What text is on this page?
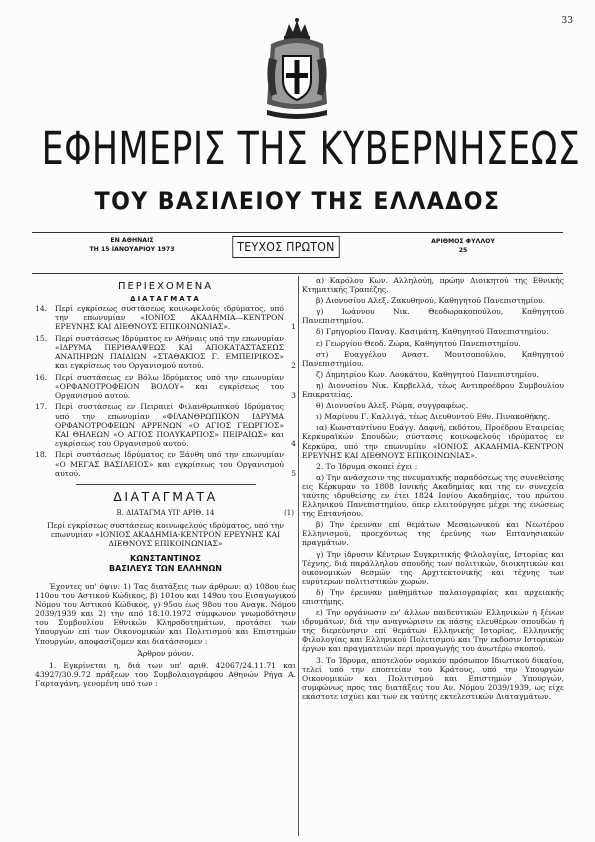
33
ΕΦΗΜΕΡΙΣ ΤΗΣ ΚΥΒΕΡΝΗΣΕΩΣ
ΤΟΥ ΒΑΣΙΛΕΙΟΥ ΤΗΣ ΕΛΛΑΔΟΣ
ΕΝ ΑΘΗΝΑΙΣ
ΤΗ 15 ΙΑΝΟΥΑΡΙΟΥ 1973	ΤΕΥΧΟΣ ΠΡΩΤΟΝ	ΑΡΙΘΜΟΣ ΦΥΛΛΟΥ
25
ΠΕΡΙΕΧΟΜΕΝΑ
ΔΙΑΤΑΓΜΑΤΑ
14. Περί εγκρίσεως συστάσεως κοινωφελούς ιδρύματος, υπό την επωνυμίαν «ΙΟΝΙΟΣ ΑΚΑΔΗΜΙΑ—ΚΕΝΤΡΟΝ ΕΡΕΥΝΗΣ ΚΑΙ ΔΙΕΘΝΟΥΣ ΕΠΙΚΟΙΝΩΝΙΑΣ».	1
15. Περί συστάσεως Ιδρύματος εν Αθήναις υπό την επωνυμίαν «ΙΔΡΥΜΑ ΠΕΡΙΘΑΛΨΕΩΣ ΚΑΙ ΑΠΟΚΑΤΑΣΤΑΣΕΩΣ ΑΝΑΠΗΡΩΝ ΠΑΙΔΙΩΝ «ΣΤΑΘΑΚΙΟΣ Γ. ΕΜΠΕΙΡΙΚΟΣ» και εγκρίσεως του Οργανισμού αυτού.	2
16. Περί συστάσεως εν Βόλω Ιδρύματος υπό την επωνυμίαν «ΟΡΦΑΝΟΤΡΟΦΕΙΟΝ ΒΟΛΟΥ» και εγκρίσεως του Οργανισμού αυτού.	3
17. Περί συστάσεως εν Πειραιεί Φιλανθρωπικού Ιδρύματος υπό την επωνυμίαν «ΦΙΛΑΝΘΡΩΠΙΚΟΝ ΙΔΡΥΜΑ ΟΡΦΑΝΟΤΡΟΦΕΙΩΝ ΑΡΡΕΝΩΝ «Ο ΑΓΙΟΣ ΓΕΩΡΓΙΟΣ» ΚΑΙ ΘΗΛΕΩΝ «Ο ΑΓΙΟΣ ΠΟΛΥΚΑΡΠΟΣ» ΠΕΙΡΑΙΩΣ» και εγκρίσεως του Οργανισμού αυτού.	4
18. Περί συστάσεως Ιδρύματος εν Ξάνθη υπό την επωνυμίαν «Ο ΜΕΓΑΣ ΒΑΣΙΛΕΙΟΣ» και εγκρίσεως του Οργανισμού αυτού.	5
ΔΙΑΤΑΓΜΑΤΑ
Β. ΔΙΑΤΑΓΜΑ ΥΠ' ΑΡΙΘ. 14	(1)
Περί εγκρίσεως συστάσεως κοινωφελούς ιδρύματος, υπό την επωνυμίαν «ΙΟΝΙΟΣ ΑΚΑΔΗΜΙΑ-ΚΕΝΤΡΟΝ ΕΡΕΥΝΗΣ ΚΑΙ ΔΙΕΘΝΟΥΣ ΕΠΙΚΟΙΝΩΝΙΑΣ»
ΚΩΝΣΤΑΝΤΙΝΟΣ
ΒΑΣΙΛΕΥΣ ΤΩΝ ΕΛΛΗΝΩΝ

Έχοντες υπ' όψιν: 1) Τας διατάξεις των άρθρων: α) 108ου έως 110ου του Αστικού Κώδικος, β) 101ου και 149ου του Εισαγωγικού Νόμου του Αστικού Κώδικος, γ) 95ου έως 98ου του Αναγκ. Νόμου 2039/1939 και 2) την από 18.10.1972 σύμφωνον γνωμοδότησιν του Συμβουλίου Εθνικών Κληροδοτημάτων, προτάσει των Υπουργών επί των Οικονομικών και Πολιτισμού και Επιστημών Υπουργών, αποφασίζομεν και διατάσσομεν :

Άρθρον μόνον.

1. Εγκρίνεται η, διά των υπ' αριθ. 42067/24.11.71 και 43927/30.9.72 πράξεων του Συμβολαιογράφου Αθηνών Ρήγα Α. Γαρταγάνη, γενομένη υπό των :

α) Καρόλου Κων. Αλληλούη, πρώην Διοικητού της Εθνικής Κτηματικής Τραπέζης.

β) Διονυσίου Αλεξ. Ζακυθηνού, Καθηγητού Πανεπιστημίου.

γ) Ιωάννου Νικ. Θεοδωρακοπούλου, Καθηγητού Πανεπιστημίου.

δ) Γρηγορίου Παναγ. Κασιμάτη, Καθηγητού Πανεπιστημίου.

ε) Γεωργίου Θεοδ. Ζώρα, Καθηγητού Πανεπιστημίου.

στ) Ευαγγέλου Αναστ. Μουτσοπούλου, Καθηγητού Πανεπιστημίου.

ζ) Δημητρίου Κων. Λουκάτου, Καθηγητού Πανεπιστημίου.

η) Διονυσίου Νικ. Καρβελλά, τέως Αντιπροέδρου Συμβουλίου Επικρατείας.

θ) Διονυσίου Αλεξ. Ρώμα, συγγραφέως.

ι) Μαρίνου Γ. Καλλιγά, τέως Διευθυντού Εθν. Πινακοθήκης.

ια) Κωνσταντίνου Ευάγγ. Δαφνή, εκδότου, Προέδρου Εταιρείας Κερκυραϊκών Σπουδών, σύστασις κοινωφελούς ιδρύματος εν Κερκύρα, υπό την επωνυμίαν «ΙΟΝΙΟΣ ΑΚΑΔΗΜΙΑ–ΚΕΝΤΡΟΝ ΕΡΕΥΝΗΣ ΚΑΙ ΔΙΕΘΝΟΥΣ ΕΠΙΚΟΙΝΩΝΙΑΣ».

2. Το Ίδρυμα σκοπεί έχει :

α) Την ανάσχεσιν της πνευματικής παραδόσεως της συνεθείσης εις Κέρκυραν το 1808 Ιονικής Ακαδημίας και της εν συνεχεία ταύτης ιδρυθείσης εν έτει 1824 Ιονίου Ακαδημίας, του πρώτου Ελληνικού Πανεπιστημίου, όπερ ελειτούργησε μέχρι της ενώσεως της Επτανήσου.

β) Την έρευναν επί θεμάτων Μεσαιωνικού και Νεωτέρου Ελληνισμού, προεχόντως της έρεύνης των Επτανησιακών πραγμάτων.

γ) Την ίδρυσιν Κέντρων Συγκριτικής Φιλολογίας, Ιστορίας και Τέχνης, διά παράλληλου σπουδής των πολιτικών, διοικητικών και οικονομικών θεσμών της Αρχιτεκτονικής και τέχνης των ευρύτερων πολιτιστικών χωρών.

δ) Την έρευναν μαθημάτων παλαιογραφίας και αρχειακής επιστήμης.

ε) Την οργάνωσιν εν' άλλων παιδευτικών Ελληνικών ή ξένων ιδρυμάτων, διά την αναγνώρισιν εκ πάσης ελευθέρων σπουδών ή της διερεύνησιν επί θεμάτων Ελληνικής Ιστορίας, Ελληνικής Φιλολογίας και Ελληνικού Πολιτισμού και Την εκδοσιν Ιστορικών έργων και πραγματειών περί προαγωγής του άνωτέρω σκοπού.

3. Το Ίδρυμα, αποτελούν νομικόν πρόσωπον Ιδιωτικού δικαίου, τελεί υπό την εποπτείαν του Κράτους, υπό την Υπουργών Οικονομικών και Πολιτισμού και Επιστημών Υπουργών, συμφώνως προς τας διατάξεις του Αν. Νόμου 2039/1939, ως είχε εκάστοτε ισχύει και των εκ ταύτης εκτελεστικών Διαταγμάτων.
